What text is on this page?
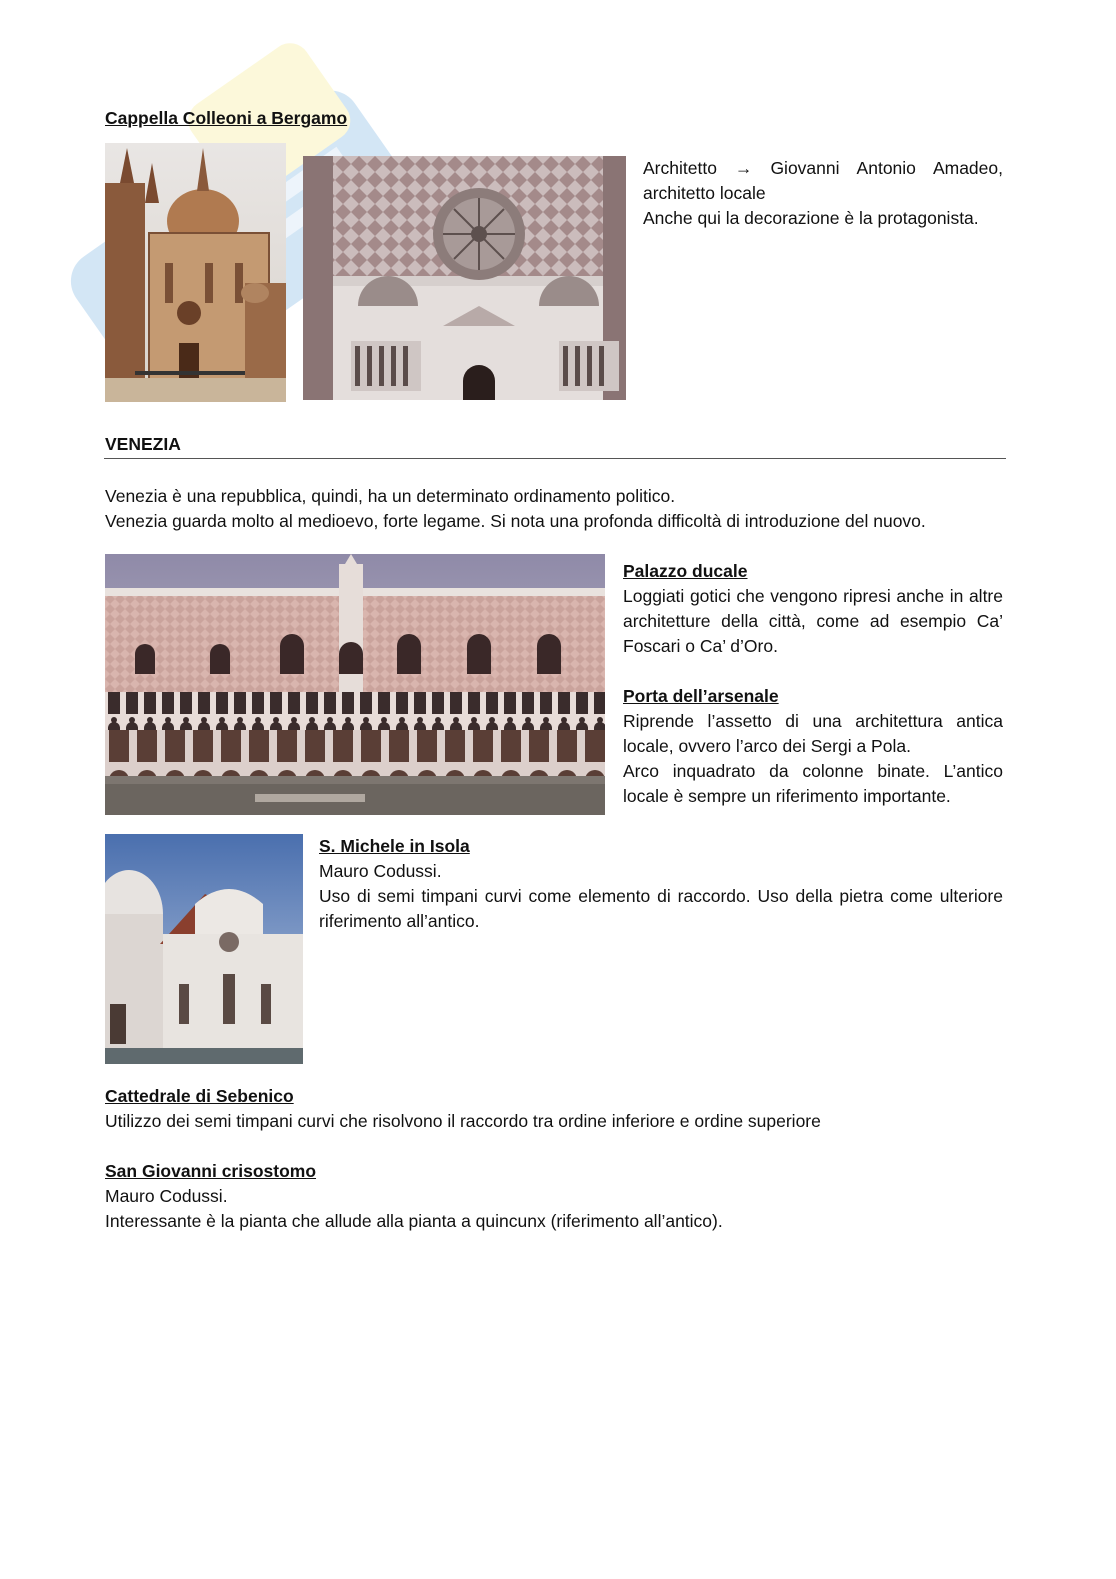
Cappella Colleoni a Bergamo

Architetto → Giovanni Antonio Amadeo,

architetto locale

Anche qui la decorazione è la protagonista.

VENEZIA

Venezia è una repubblica, quindi, ha un determinato ordinamento politico.

Venezia guarda molto al medioevo, forte legame. Si nota una profonda difficoltà di introduzione del nuovo.

Palazzo ducale

Loggiati gotici che vengono ripresi anche in altre architetture della città, come ad esempio Ca’ Foscari o Ca’ d’Oro.

Porta dell’arsenale

Riprende l’assetto di una architettura antica locale, ovvero l’arco dei Sergi a Pola.

Arco inquadrato da colonne binate. L’antico locale è sempre un riferimento importante.

S. Michele in Isola

Mauro Codussi.

Uso di semi timpani curvi come elemento di raccordo. Uso della pietra come ulteriore riferimento all’antico.

Cattedrale di Sebenico

Utilizzo dei semi timpani curvi che risolvono il raccordo tra ordine inferiore e ordine superiore

San Giovanni crisostomo

Mauro Codussi.

Interessante è la pianta che allude alla pianta a quincunx (riferimento all’antico).
